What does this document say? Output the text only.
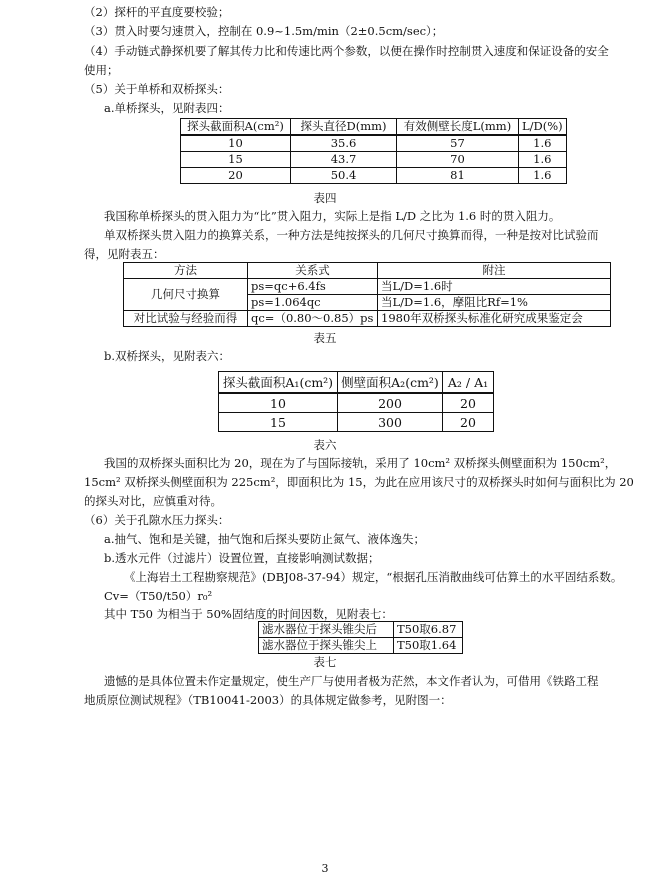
（2）探杆的平直度要校验；
（3）贯入时要匀速贯入，控制在 0.9~1.5m/min（2±0.5cm/sec）；
（4）手动链式静探机要了解其传力比和传速比两个参数，以便在操作时控制贯入速度和保证设备的安全
使用；
（5）关于单桥和双桥探头：
a.单桥探头，见附表四：
探头截面积A(cm²)	探头直径D(mm)	有效侧壁长度L(mm)	L/D(%)
10	35.6	57	1.6
15	43.7	70	1.6
20	50.4	81	1.6
表四
我国称单桥探头的贯入阻力为“比”贯入阻力，实际上是指 L/D 之比为 1.6 时的贯入阻力。
单双桥探头贯入阻力的换算关系，一种方法是纯按探头的几何尺寸换算而得，一种是按对比试验而
得，见附表五：
方法	关系式	附注
几何尺寸换算	ps=qc+6.4fs	当L/D=1.6时
	ps=1.064qc	当L/D=1.6，摩阻比Rf=1%
对比试验与经验而得	qc=（0.80～0.85）ps	1980年双桥探头标准化研究成果鉴定会
表五
b.双桥探头，见附表六：
探头截面积A₁(cm²)	侧壁面积A₂(cm²)	A₂ / A₁
10	200	20
15	300	20
表六
我国的双桥探头面积比为 20，现在为了与国际接轨，采用了 10cm² 双桥探头侧壁面积为 150cm²，
15cm² 双桥探头侧壁面积为 225cm²，即面积比为 15，为此在应用该尺寸的双桥探头时如何与面积比为 20
的探头对比，应慎重对待。
（6）关于孔隙水压力探头：
a.抽气、饱和是关键，抽气饱和后探头要防止氮气、液体逸失；
b.透水元件（过滤片）设置位置，直接影响测试数据；
《上海岩土工程勘察规范》(DBJ08-37-94）规定，“根据孔压消散曲线可估算土的水平固结系数。
Cv=（T50/t50）r₀²
其中 T50 为相当于 50%固结度的时间因数，见附表七：
滤水器位于探头锥尖后	T50取6.87
滤水器位于探头锥尖上	T50取1.64
表七
遗憾的是具体位置未作定量规定，使生产厂与使用者极为茫然，本文作者认为，可借用《铁路工程
地质原位测试规程》（TB10041-2003）的具体规定做参考，见附图一：
3
